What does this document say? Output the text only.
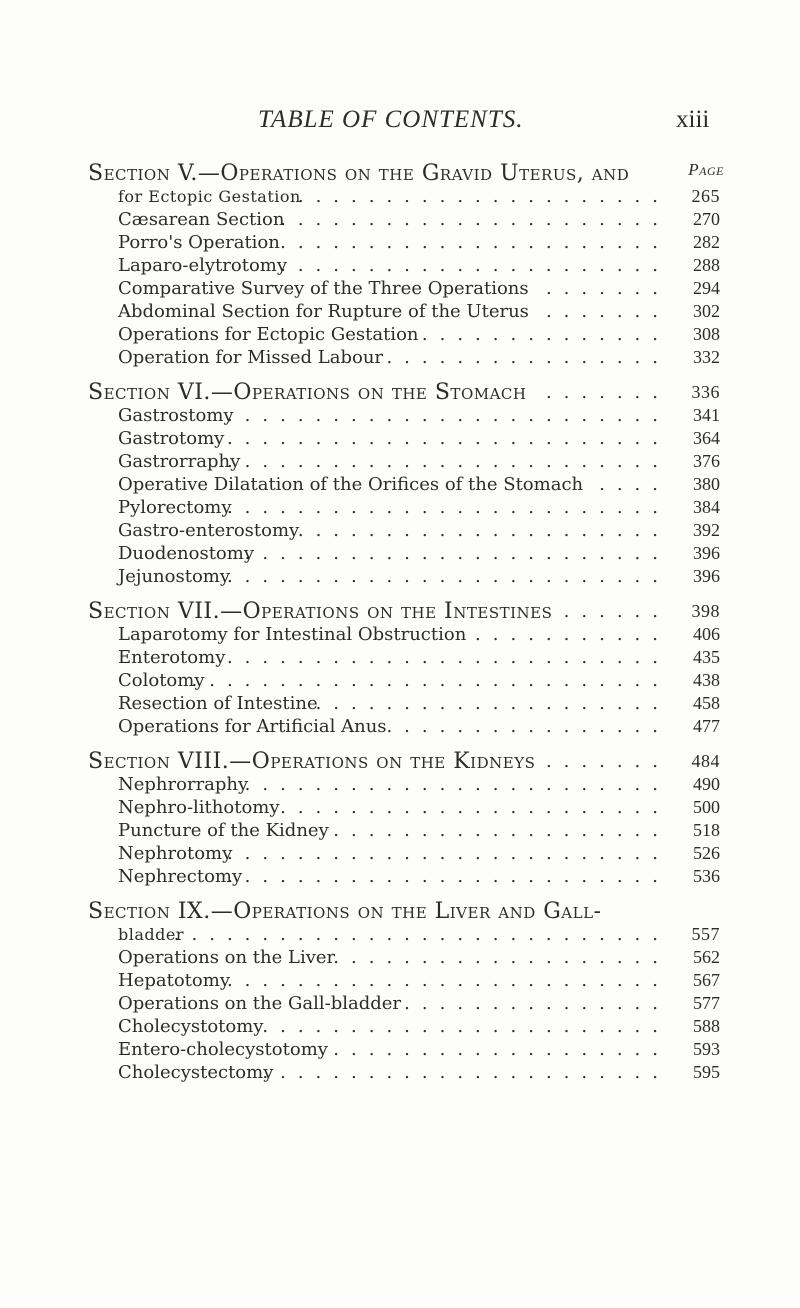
TABLE OF CONTENTS.	xiii
Section V.—Operations on the Gravid Uterus, and	Page
for Ectopic Gestation
..................... 265
Cæsarean Section
...................... 270
Porro's Operation ...................... 282
Laparo-elytrotomy
...................... 288
Comparative Survey of the Three Operations ....... 294
Abdominal Section for Rupture of the Uterus ....... 302
Operations for Ectopic Gestation .............. 308
Operation for Missed Labour ................ 332
Section VI.—Operations on the Stomach ....... 336
Gastrostomy
......................... 341
Gastrotomy
.......................... 364
Gastrorraphy
......................... 376
Operative Dilatation of the Orifices of the Stomach .... 380
Pylorectomy
......................... 384
Gastro-enterostomy
..................... 392
Duodenostomy
........................ 396
Jejunostomy
......................... 396
Section VII.—Operations on the Intestines ...... 398
Laparotomy for Intestinal Obstruction ........... 406
Enterotomy
.......................... 435
Colotomy
........................... 438
Resection of Intestine
.................... 458
Operations for Artificial Anus ................ 477
Section VIII.—Operations on the Kidneys ....... 484
Nephrorraphy
........................ 490
Nephro-lithotomy ...................... 500
Puncture of the Kidney ................... 518
Nephrotomy
......................... 526
Nephrectomy
......................... 536
Section IX.—Operations on the Liver and Gall-
bladder
............................ 557
Operations on the Liver
................... 562
Hepatotomy
......................... 567
Operations on the Gall-bladder ............... 577
Cholecystotomy
....................... 588
Entero-cholecystotomy ................... 593
Cholecystectomy
....................... 595
